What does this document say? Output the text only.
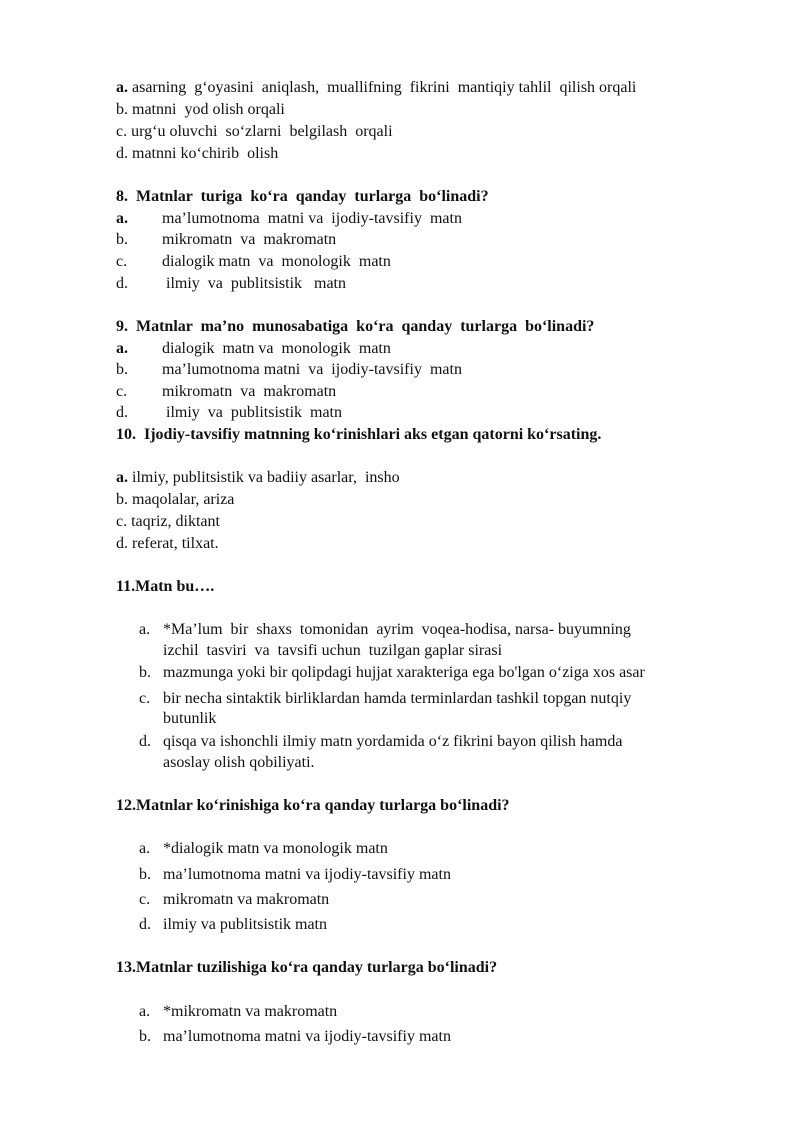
a. asarning  g‘oyasini  aniqlash,  muallifning  fikrini  mantiqiy tahlil  qilish orqali
b. matnni  yod olish orqali
c. urg‘u oluvchi  so‘zlarni  belgilash  orqali
d. matnni ko‘chirib  olish
8.  Matnlar  turiga  ko‘ra  qanday  turlarga  bo‘linadi?
a. ma’lumotnoma  matni va  ijodiy-tavsifiy  matn
b. mikromatn  va  makromatn
c. dialogik matn  va  monologik  matn
d. ilmiy  va  publitsistik   matn
9.  Matnlar  ma’no  munosabatiga  ko‘ra  qanday  turlarga  bo‘linadi?
a. dialogik  matn va  monologik  matn
b. ma’lumotnoma matni  va  ijodiy-tavsifiy  matn
c. mikromatn  va  makromatn
d. ilmiy  va  publitsistik  matn
10.  Ijodiy-tavsifiy matnning ko‘rinishlari aks etgan qatorni ko‘rsating.
a. ilmiy, publitsistik va badiiy asarlar,  insho
b. maqolalar, ariza
c. taqriz, diktant
d. referat, tilxat.
11.Matn bu….
a. *Ma’lum  bir  shaxs  tomonidan  ayrim  voqea-hodisa, narsa- buyumning
izchil  tasviri  va  tavsifi uchun  tuzilgan gaplar sirasi
b. mazmunga yoki bir qolipdagi hujjat xarakteriga ega bo'lgan o‘ziga xos asar
c. bir necha sintaktik birliklardan hamda terminlardan tashkil topgan nutqiy
butunlik
d. qisqa va ishonchli ilmiy matn yordamida o‘z fikrini bayon qilish hamda
asoslay olish qobiliyati.
12.Matnlar ko‘rinishiga ko‘ra qanday turlarga bo‘linadi?
a. *dialogik matn va monologik matn
b. ma’lumotnoma matni va ijodiy-tavsifiy matn
c. mikromatn va makromatn
d. ilmiy va publitsistik matn
13.Matnlar tuzilishiga ko‘ra qanday turlarga bo‘linadi?
a. *mikromatn va makromatn
b. ma’lumotnoma matni va ijodiy-tavsifiy matn
